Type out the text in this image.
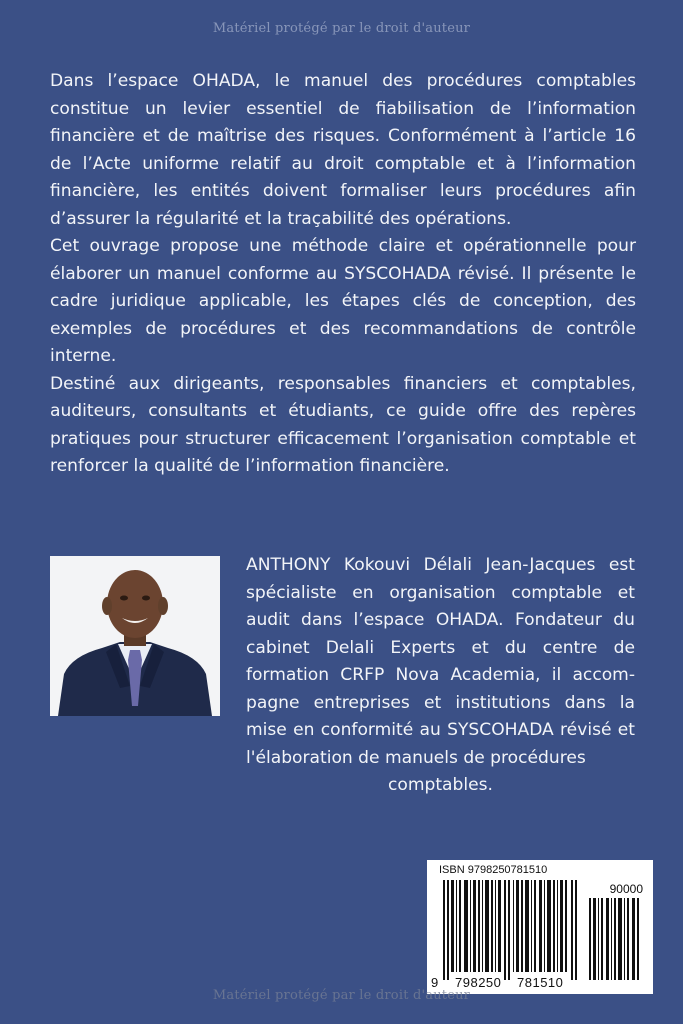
Matériel protégé par le droit d'auteur

Dans l’espace OHADA, le manuel des procédures comptables constitue un levier essentiel de fiabilisation de l’information financière et de maîtrise des risques. Conformément à l’article 16 de l’Acte uniforme relatif au droit comptable et à l’information financière, les entités doivent formaliser leurs procédures afin d’assurer la régularité et la traçabilité des opérations.

Cet ouvrage propose une méthode claire et opérationnelle pour élaborer un manuel conforme au SYSCOHADA révisé. Il présente le cadre juridique applicable, les étapes clés de conception, des exemples de procédures et des recommandations de contrôle interne.

Destiné aux dirigeants, responsables financiers et comptables, auditeurs, consultants et étudiants, ce guide offre des repères pratiques pour structurer efficacement l’organisation comptable et renforcer la qualité de l’information financière.

ANTHONY Kokouvi Délali Jean-Jacques est spécialiste en organisation comptable et audit dans l’espace OHADA. Fondateur du cabinet Delali Experts et du centre de formation CRFP Nova Academia, il accom-pagne entreprises et institutions dans la mise en conformité au SYSCOHADA révisé et l'élaboration de manuels de procédures

comptables.

ISBN 9798250781510
90000
9 798250 781510
Matériel protégé par le droit d'auteur
